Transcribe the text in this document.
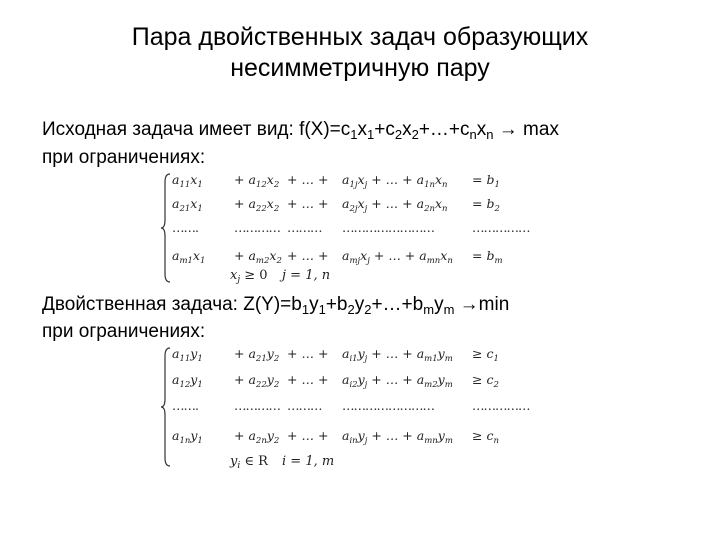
Пара двойственных задач образующих
несимметричную пару
Исходная задача имеет вид: $f(X)=c_1x_1+c_2x_2+\dots+c_nx_n \to \max$
при ограничениях:
$a_{11}x_1 + a_{12}x_2$ + … + $a_{1j}x_j$ + … + $a_{1n}x_n = b_1$
$a_{21}x_1 + a_{22}x_2$ + … + $a_{2j}x_j$ + … + $a_{2n}x_n = b_2$
…….	………… ……… ……………………	……………
$a_{m1}x_1 + a_{m2}x_2$ + … + $a_{mj}x_j$ + … + $a_{mn}x_n = b_m$
$x_j \ge 0$ j = 1, n
Двойственная задача: $Z(Y)=b_1y_1+b_2y_2+\dots+b_my_m \to\min$
при ограничениях:
$a_{11}y_1 + a_{21}y_2$ + … + $a_{i1}y_j$ + … + $a_{m1}y_m \ge c_1$
$a_{12}y_1 + a_{22}y_2$ + … + $a_{i2}y_j$ + … + $a_{m2}y_m \ge c_2$
…….	………… ……… ……………………	……………
$a_{1n}y_1 + a_{2n}y_2$ + … + $a_{in}y_j$ + … + $a_{mn}y_m \ge c_n$
$y_i$ ∈ R i = 1, m
